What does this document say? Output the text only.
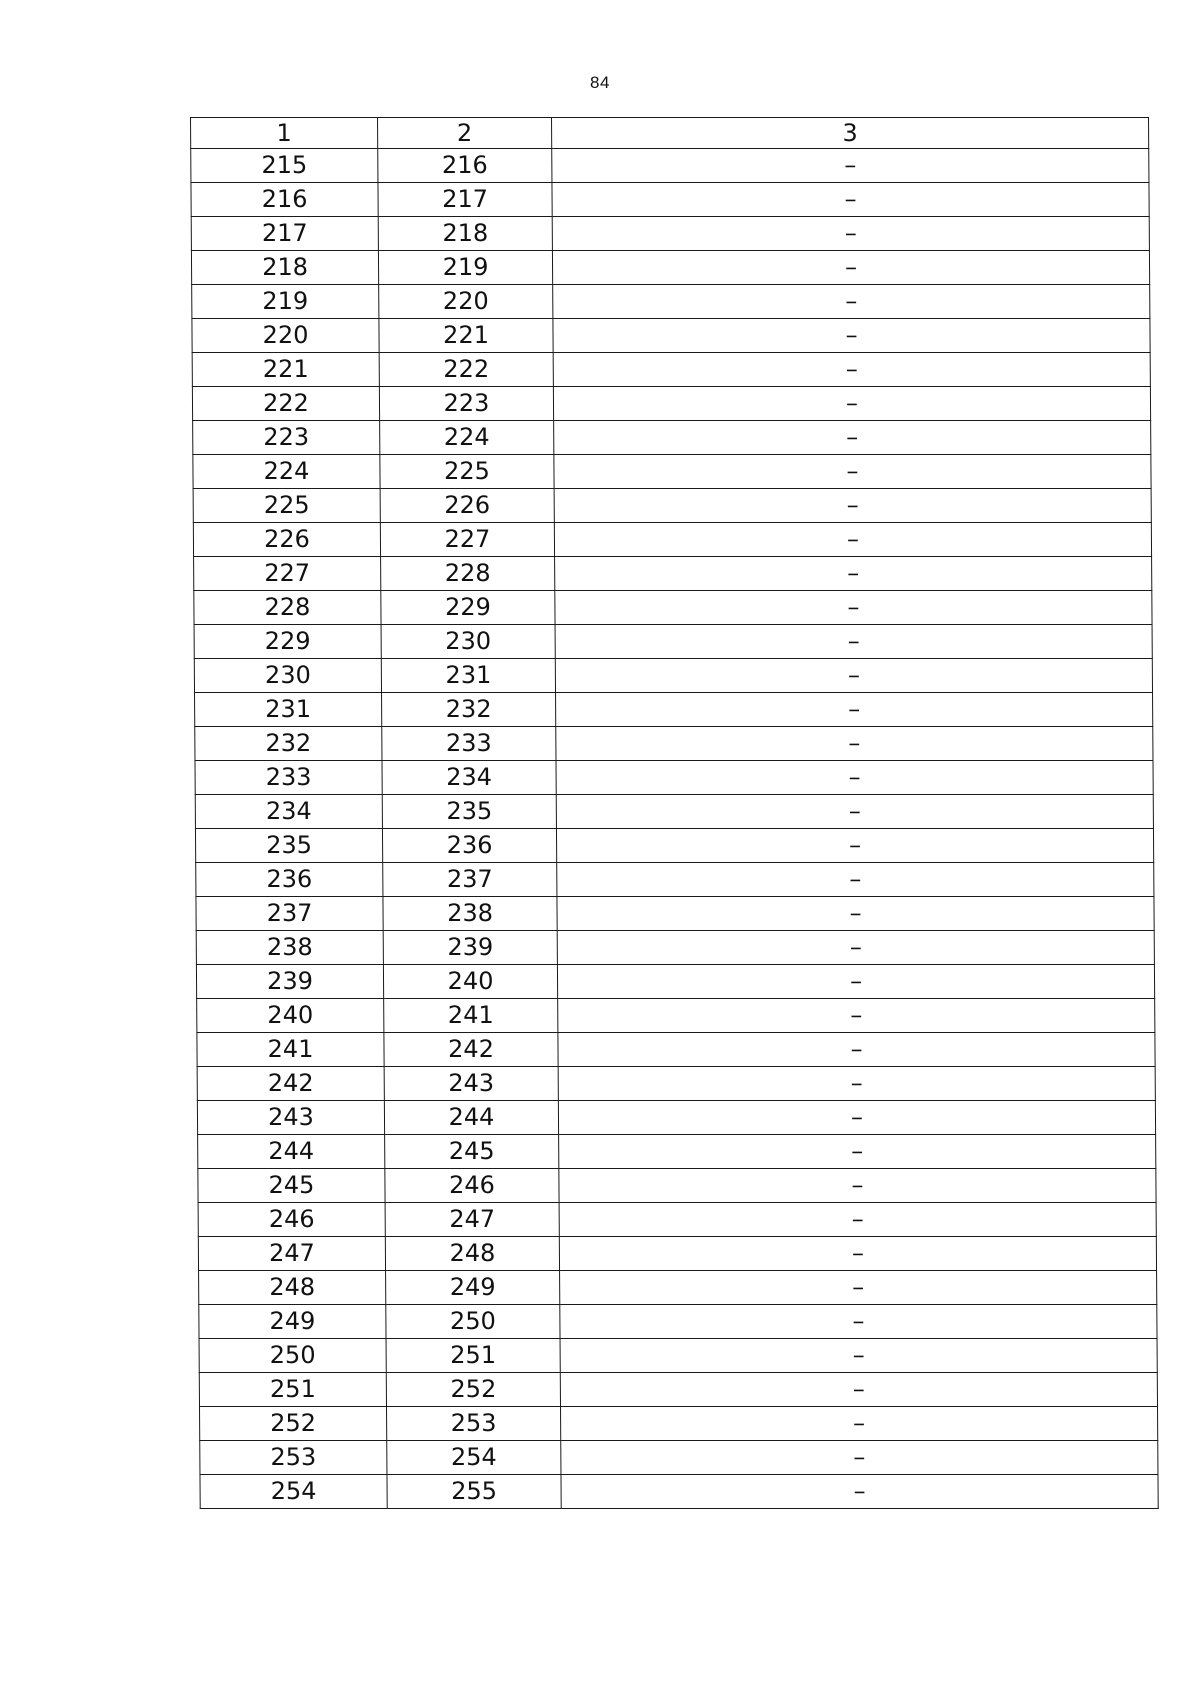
84
1	2	3
215	216	–
216	217	–
217	218	–
218	219	–
219	220	–
220	221	–
221	222	–
222	223	–
223	224	–
224	225	–
225	226	–
226	227	–
227	228	–
228	229	–
229	230	–
230	231	–
231	232	–
232	233	–
233	234	–
234	235	–
235	236	–
236	237	–
237	238	–
238	239	–
239	240	–
240	241	–
241	242	–
242	243	–
243	244	–
244	245	–
245	246	–
246	247	–
247	248	–
248	249	–
249	250	–
250	251	–
251	252	–
252	253	–
253	254	–
254	255	–
